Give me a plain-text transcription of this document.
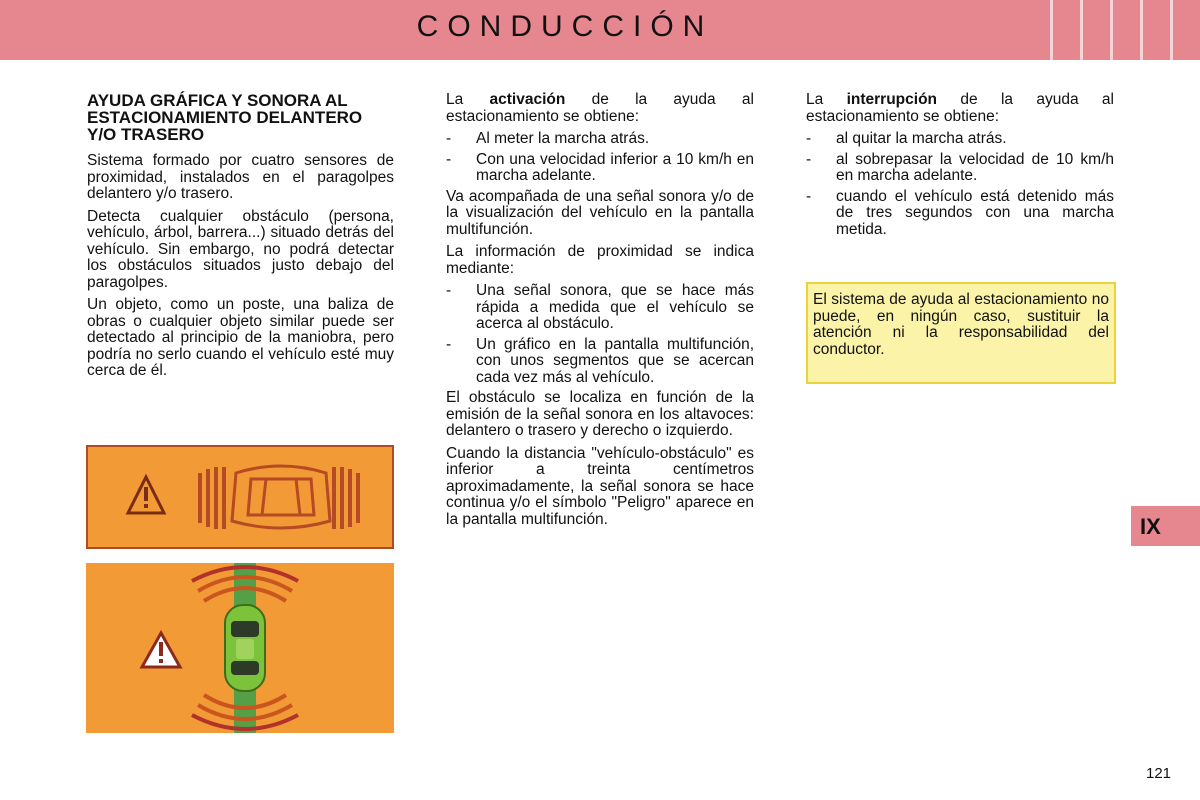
CONDUCCIÓN
AYUDA GRÁFICA Y SONORA AL ESTACIONAMIENTO DELANTERO Y/O TRASERO

Sistema formado por cuatro sensores de proximidad, instalados en el paragolpes delantero y/o trasero.

Detecta cualquier obstáculo (persona, vehículo, árbol, barrera...) situado detrás del vehículo. Sin embargo, no podrá detectar los obstáculos situados justo debajo del paragolpes.

Un objeto, como un poste, una baliza de obras o cualquier objeto similar puede ser detectado al principio de la maniobra, pero podría no serlo cuando el vehículo esté muy cerca de él.

La activación de la ayuda al estacionamiento se obtiene:

-	Al meter la marcha atrás.
-	Con una velocidad inferior a 10 km/h en marcha adelante.

Va acompañada de una señal sonora y/o de la visualización del vehículo en la pantalla multifunción.

La información de proximidad se indica mediante:

-	Una señal sonora, que se hace más rápida a medida que el vehículo se acerca al obstáculo.
-	Un gráfico en la pantalla multifunción, con unos segmentos que se acercan cada vez más al vehículo.

El obstáculo se localiza en función de la emisión de la señal sonora en los altavoces: delantero o trasero y derecho o izquierdo.

Cuando la distancia "vehículo-obstáculo" es inferior a treinta centímetros aproximadamente, la señal sonora se hace continua y/o el símbolo "Peligro" aparece en la pantalla multifunción.

La interrupción de la ayuda al estacionamiento se obtiene:

-	al quitar la marcha atrás.
-	al sobrepasar la velocidad de 10 km/h en marcha adelante.
-	cuando el vehículo está detenido más de tres segundos con una marcha metida.
El sistema de ayuda al estacionamiento no puede, en ningún caso, sustituir la atención ni la responsabilidad del conductor.
IX
121
